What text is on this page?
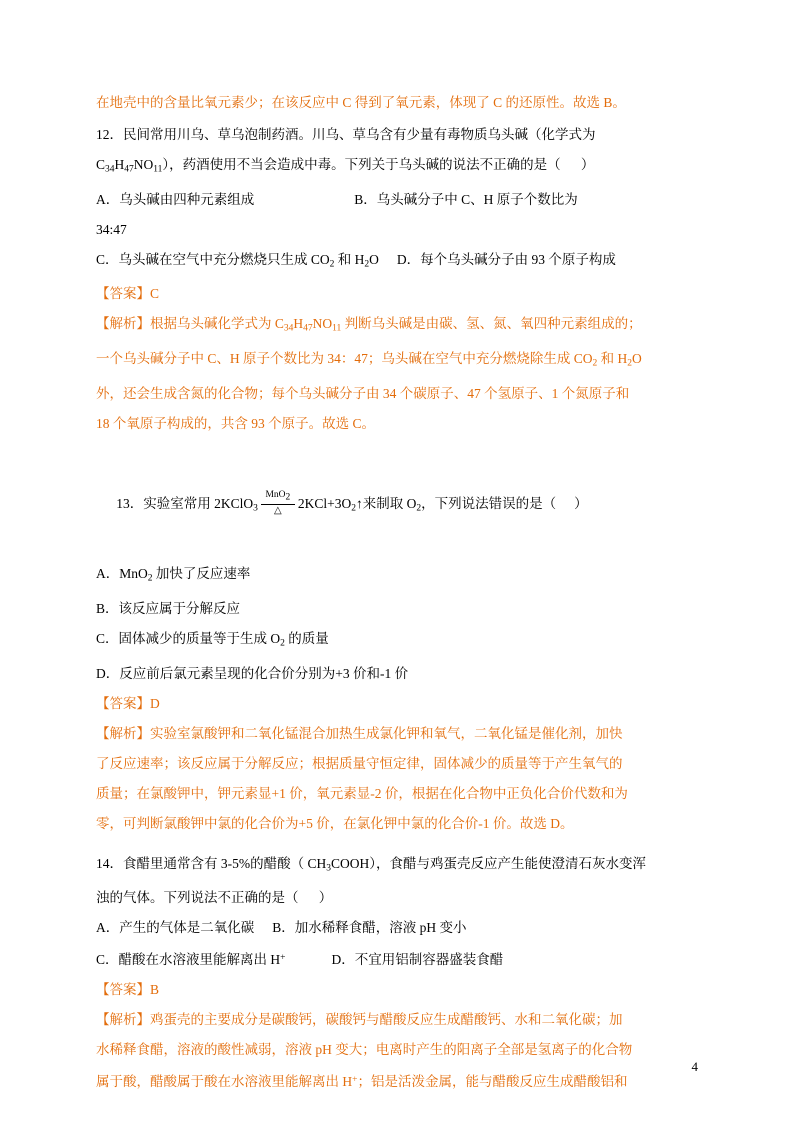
在地壳中的含量比氧元素少；在该反应中 C 得到了氧元素，体现了 C 的还原性。故选 B。
12．民间常用川乌、草乌泡制药酒。川乌、草乌含有少量有毒物质乌头碱（化学式为
$C_{34}H_{47}NO_{11}$），药酒使用不当会造成中毒。下列关于乌头碱的说法不正确的是（      ）
A．乌头碱由四种元素组成	B．乌头碱分子中 C、H 原子个数比为
34:47
C．乌头碱在空气中充分燃烧只生成 $CO_2$ 和 $H_2O$ D．每个乌头碱分子由 93 个原子构成
【答案】C
【解析】根据乌头碱化学式为 $C_{34}H_{47}NO_{11}$ 判断乌头碱是由碳、氢、氮、氧四种元素组成的；
一个乌头碱分子中 C、H 原子个数比为 34：47；乌头碱在空气中充分燃烧除生成 $CO_2$ 和 $H_2O$
外，还会生成含氮的化合物；每个乌头碱分子由 34 个碳原子、47 个氢原子、1 个氮原子和
18 个氧原子构成的，共含 93 个原子。故选 C。

13．实验室常用 2KClO$_3$ $\frac{MnO_2}{\triangle}$ $2KCl+3O_2↑$来制取 $O_2$，下列说法错误的是（ ）

A．MnO$_2$ 加快了反应速率
B．该反应属于分解反应
C．固体减少的质量等于生成 $O_2$ 的质量
D．反应前后氯元素呈现的化合价分别为+3 价和-1 价
【答案】D
【解析】实验室氯酸钾和二氧化锰混合加热生成氯化钾和氧气，二氧化锰是催化剂，加快
了反应速率；该反应属于分解反应；根据质量守恒定律，固体减少的质量等于产生氧气的
质量；在氯酸钾中，钾元素显+1 价，氧元素显-2 价，根据在化合物中正负化合价代数和为
零，可判断氯酸钾中氯的化合价为+5 价，在氯化钾中氯的化合价-1 价。故选 D。
14．食醋里通常含有 3-5%的醋酸（ $CH_3COOH$），食醋与鸡蛋壳反应产生能使澄清石灰水变浑
浊的气体。下列说法不正确的是（      ）
A．产生的气体是二氧化碳 B．加水稀释食醋，溶液 pH 变小
C．醋酸在水溶液里能解离出 H+	D．不宜用铝制容器盛装食醋
【答案】B
【解析】鸡蛋壳的主要成分是碳酸钙，碳酸钙与醋酸反应生成醋酸钙、水和二氧化碳；加
水稀释食醋，溶液的酸性减弱，溶液 pH 变大；电离时产生的阳离子全部是氢离子的化合物
属于酸，醋酸属于酸在水溶液里能解离出 H+；铝是活泼金属，能与醋酸反应生成醋酸铝和
4
